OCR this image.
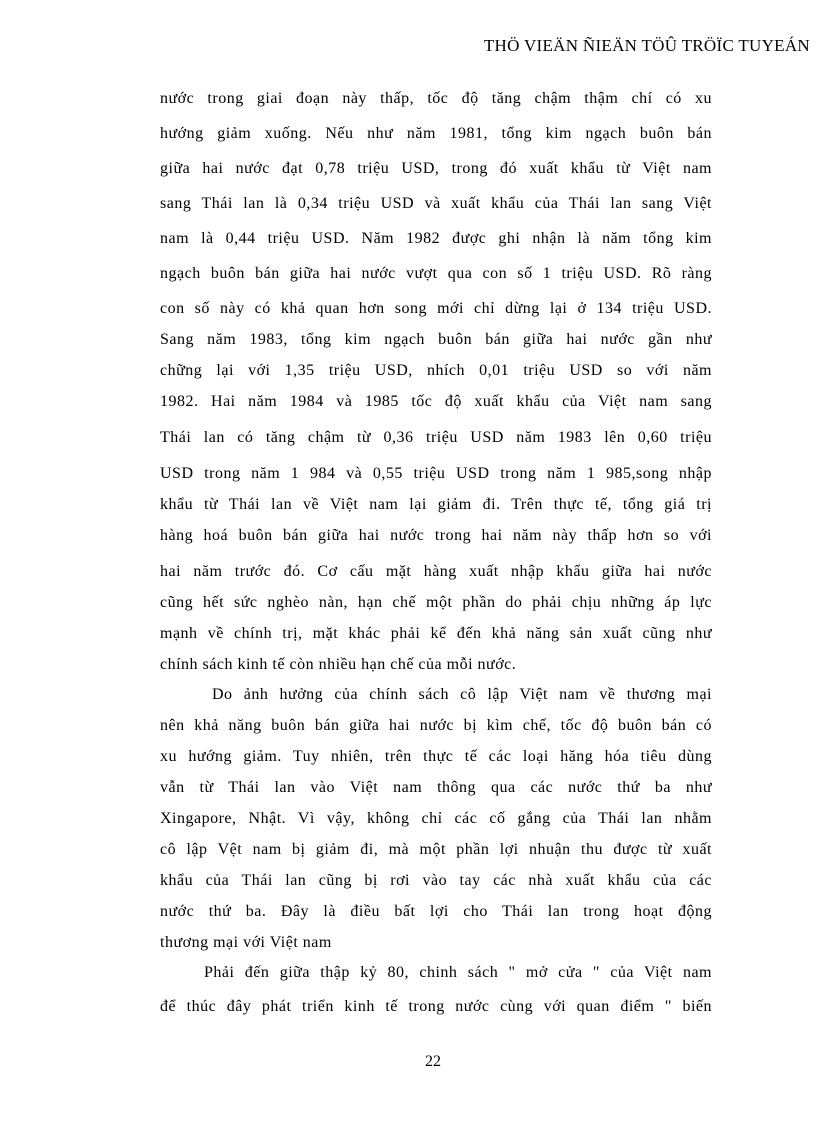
THÖ VIEÄN ÑIEÄN TÖÛ TRÖÏC TUYEÁN
nước trong giai đoạn này thấp, tốc độ tăng chậm thậm chí có xu
hướng giảm xuống. Nếu như năm 1981, tổng kim ngạch buôn bán
giữa hai nước đạt 0,78 triệu USD, trong đó xuất khẩu từ Việt nam
sang Thái lan là 0,34 triệu USD và xuất khẩu của Thái lan sang Việt
nam là 0,44 triệu USD. Năm 1982 được ghi nhận là năm tổng kim
ngạch buôn bán giữa hai nước vượt qua con số 1 triệu USD. Rõ ràng
con số này có khả quan hơn song mới chỉ dừng lại ở 134 triệu USD.
Sang năm 1983, tổng kim ngạch buôn bán giữa hai nước gần như
chững lại với 1,35 triệu USD, nhích 0,01 triệu USD so với năm
1982. Hai năm 1984 và 1985 tốc độ xuất khẩu của Việt nam sang
Thái lan có tăng chậm từ 0,36 triệu USD năm 1983 lên 0,60 triệu
USD trong năm 1 984 và 0,55 triệu USD trong năm 1 985,song nhập
khẩu từ Thái lan về Việt nam lại giảm đi. Trên thực tế, tổng giá trị
hàng hoá buôn bán giữa hai nước trong hai năm này thấp hơn so với
hai năm trước đó. Cơ cấu mặt hàng xuất nhập khẩu giữa hai nước
cũng hết sức nghèo nàn, hạn chế một phần do phải chịu những áp lực
mạnh về chính trị, mặt khác phải kể đến khả năng sản xuất cũng như
chính sách kinh tế còn nhiều hạn chế của mỗi nước.
Do ảnh hưởng của chính sách cô lập Việt nam về thương mại
nên khả năng buôn bán giữa hai nước bị kìm chế, tốc độ buôn bán có
xu hướng giảm. Tuy nhiên, trên thực tế các loại hăng hóa tiêu dùng
vẫn từ Thái lan vào Việt nam thông qua các nước thứ ba như
Xingapore, Nhật. Vì vậy, không chỉ các cố gắng của Thái lan nhằm
cô lập Vệt nam bị giảm đi, mà một phần lợi nhuận thu được từ xuất
khẩu của Thái lan cũng bị rơi vào tay các nhà xuất khẩu của các
nước thứ ba. Đây là điều bất lợi cho Thái lan trong hoạt động
thương mại với Việt nam
Phải đến giữa thập kỷ 80, chinh sách " mở cửa " của Việt nam
để thúc đây phát triển kinh tế trong nước cùng với quan điểm " biến
22
